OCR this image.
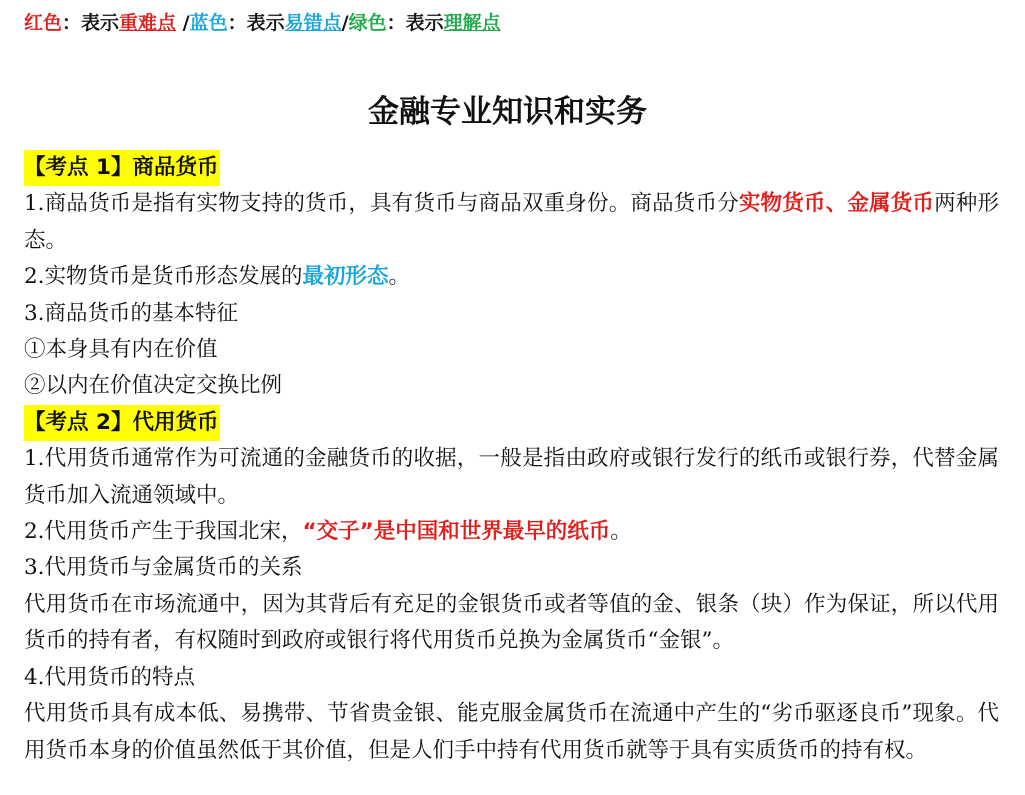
红色：表示重难点 /蓝色：表示易错点/绿色：表示理解点
金融专业知识和实务

【考点 1】商品货币

1.商品货币是指有实物支持的货币，具有货币与商品双重身份。商品货币分实物货币、金属货币两种形态。

2.实物货币是货币形态发展的最初形态。

3.商品货币的基本特征

①本身具有内在价值

②以内在价值决定交换比例

【考点 2】代用货币

1.代用货币通常作为可流通的金融货币的收据，一般是指由政府或银行发行的纸币或银行券，代替金属货币加入流通领域中。

2.代用货币产生于我国北宋，“交子”是中国和世界最早的纸币。

3.代用货币与金属货币的关系

代用货币在市场流通中，因为其背后有充足的金银货币或者等值的金、银条（块）作为保证，所以代用货币的持有者，有权随时到政府或银行将代用货币兑换为金属货币“金银”。

4.代用货币的特点

代用货币具有成本低、易携带、节省贵金银、能克服金属货币在流通中产生的“劣币驱逐良币”现象。代用货币本身的价值虽然低于其价值，但是人们手中持有代用货币就等于具有实质货币的持有权。
